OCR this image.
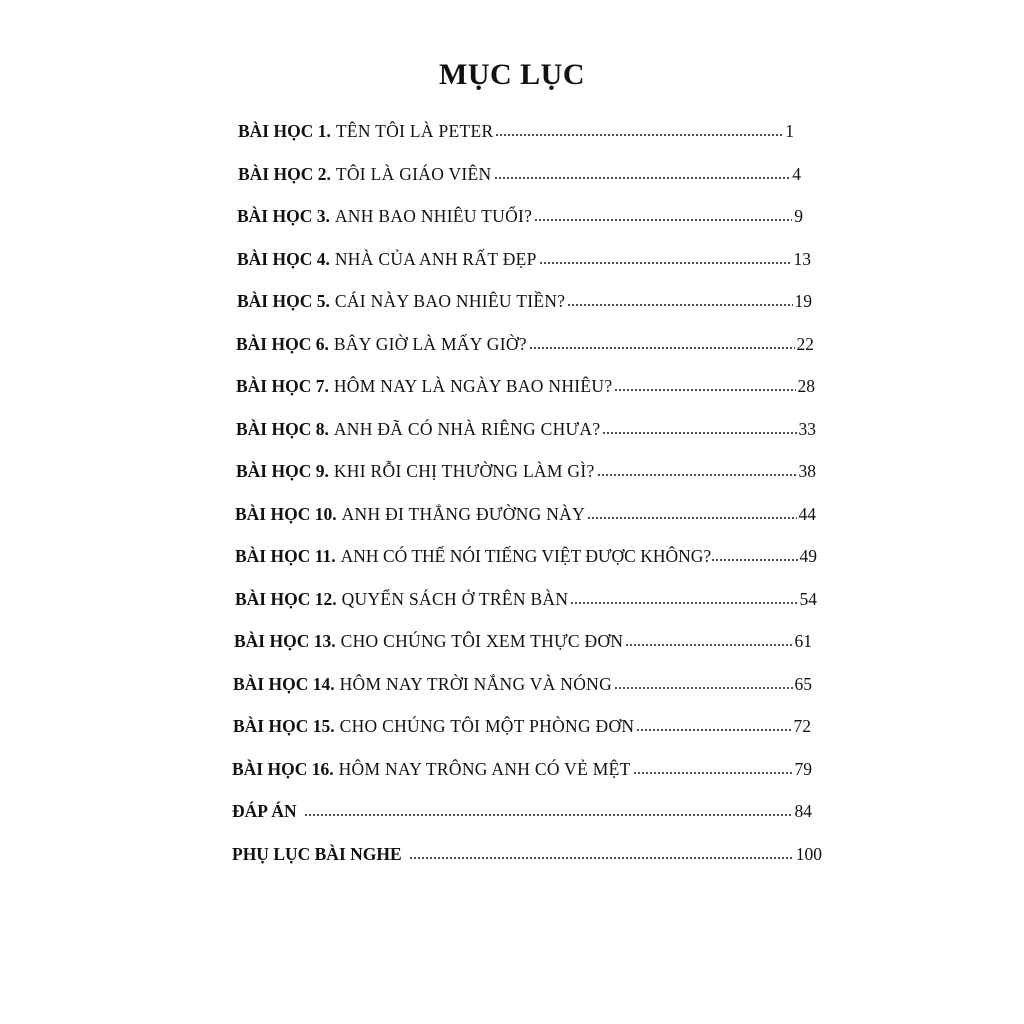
MỤC LỤC
BÀI HỌC 1. TÊN TÔI LÀ PETER	1
BÀI HỌC 2. TÔI LÀ GIÁO VIÊN	4
BÀI HỌC 3. ANH BAO NHIÊU TUỔI?	9
BÀI HỌC 4. NHÀ CỦA ANH RẤT ĐẸP	13
BÀI HỌC 5. CÁI NÀY BAO NHIÊU TIỀN?	19
BÀI HỌC 6. BÂY GIỜ LÀ MẤY GIỜ?	22
BÀI HỌC 7. HÔM NAY LÀ NGÀY BAO NHIÊU?	28
BÀI HỌC 8. ANH ĐÃ CÓ NHÀ RIÊNG CHƯA?	33
BÀI HỌC 9. KHI RỖI CHỊ THƯỜNG LÀM GÌ?	38
BÀI HỌC 10. ANH ĐI THẲNG ĐƯỜNG NÀY	44
BÀI HỌC 11. ANH CÓ THỂ NÓI TIẾNG VIỆT ĐƯỢC KHÔNG?	49
BÀI HỌC 12. QUYỂN SÁCH Ở TRÊN BÀN	54
BÀI HỌC 13. CHO CHÚNG TÔI XEM THỰC ĐƠN	61
BÀI HỌC 14. HÔM NAY TRỜI NẮNG VÀ NÓNG	65
BÀI HỌC 15. CHO CHÚNG TÔI MỘT PHÒNG ĐƠN	72
BÀI HỌC 16. HÔM NAY TRÔNG ANH CÓ VẺ MỆT	79
ĐÁP ÁN	84
PHỤ LỤC BÀI NGHE	100
